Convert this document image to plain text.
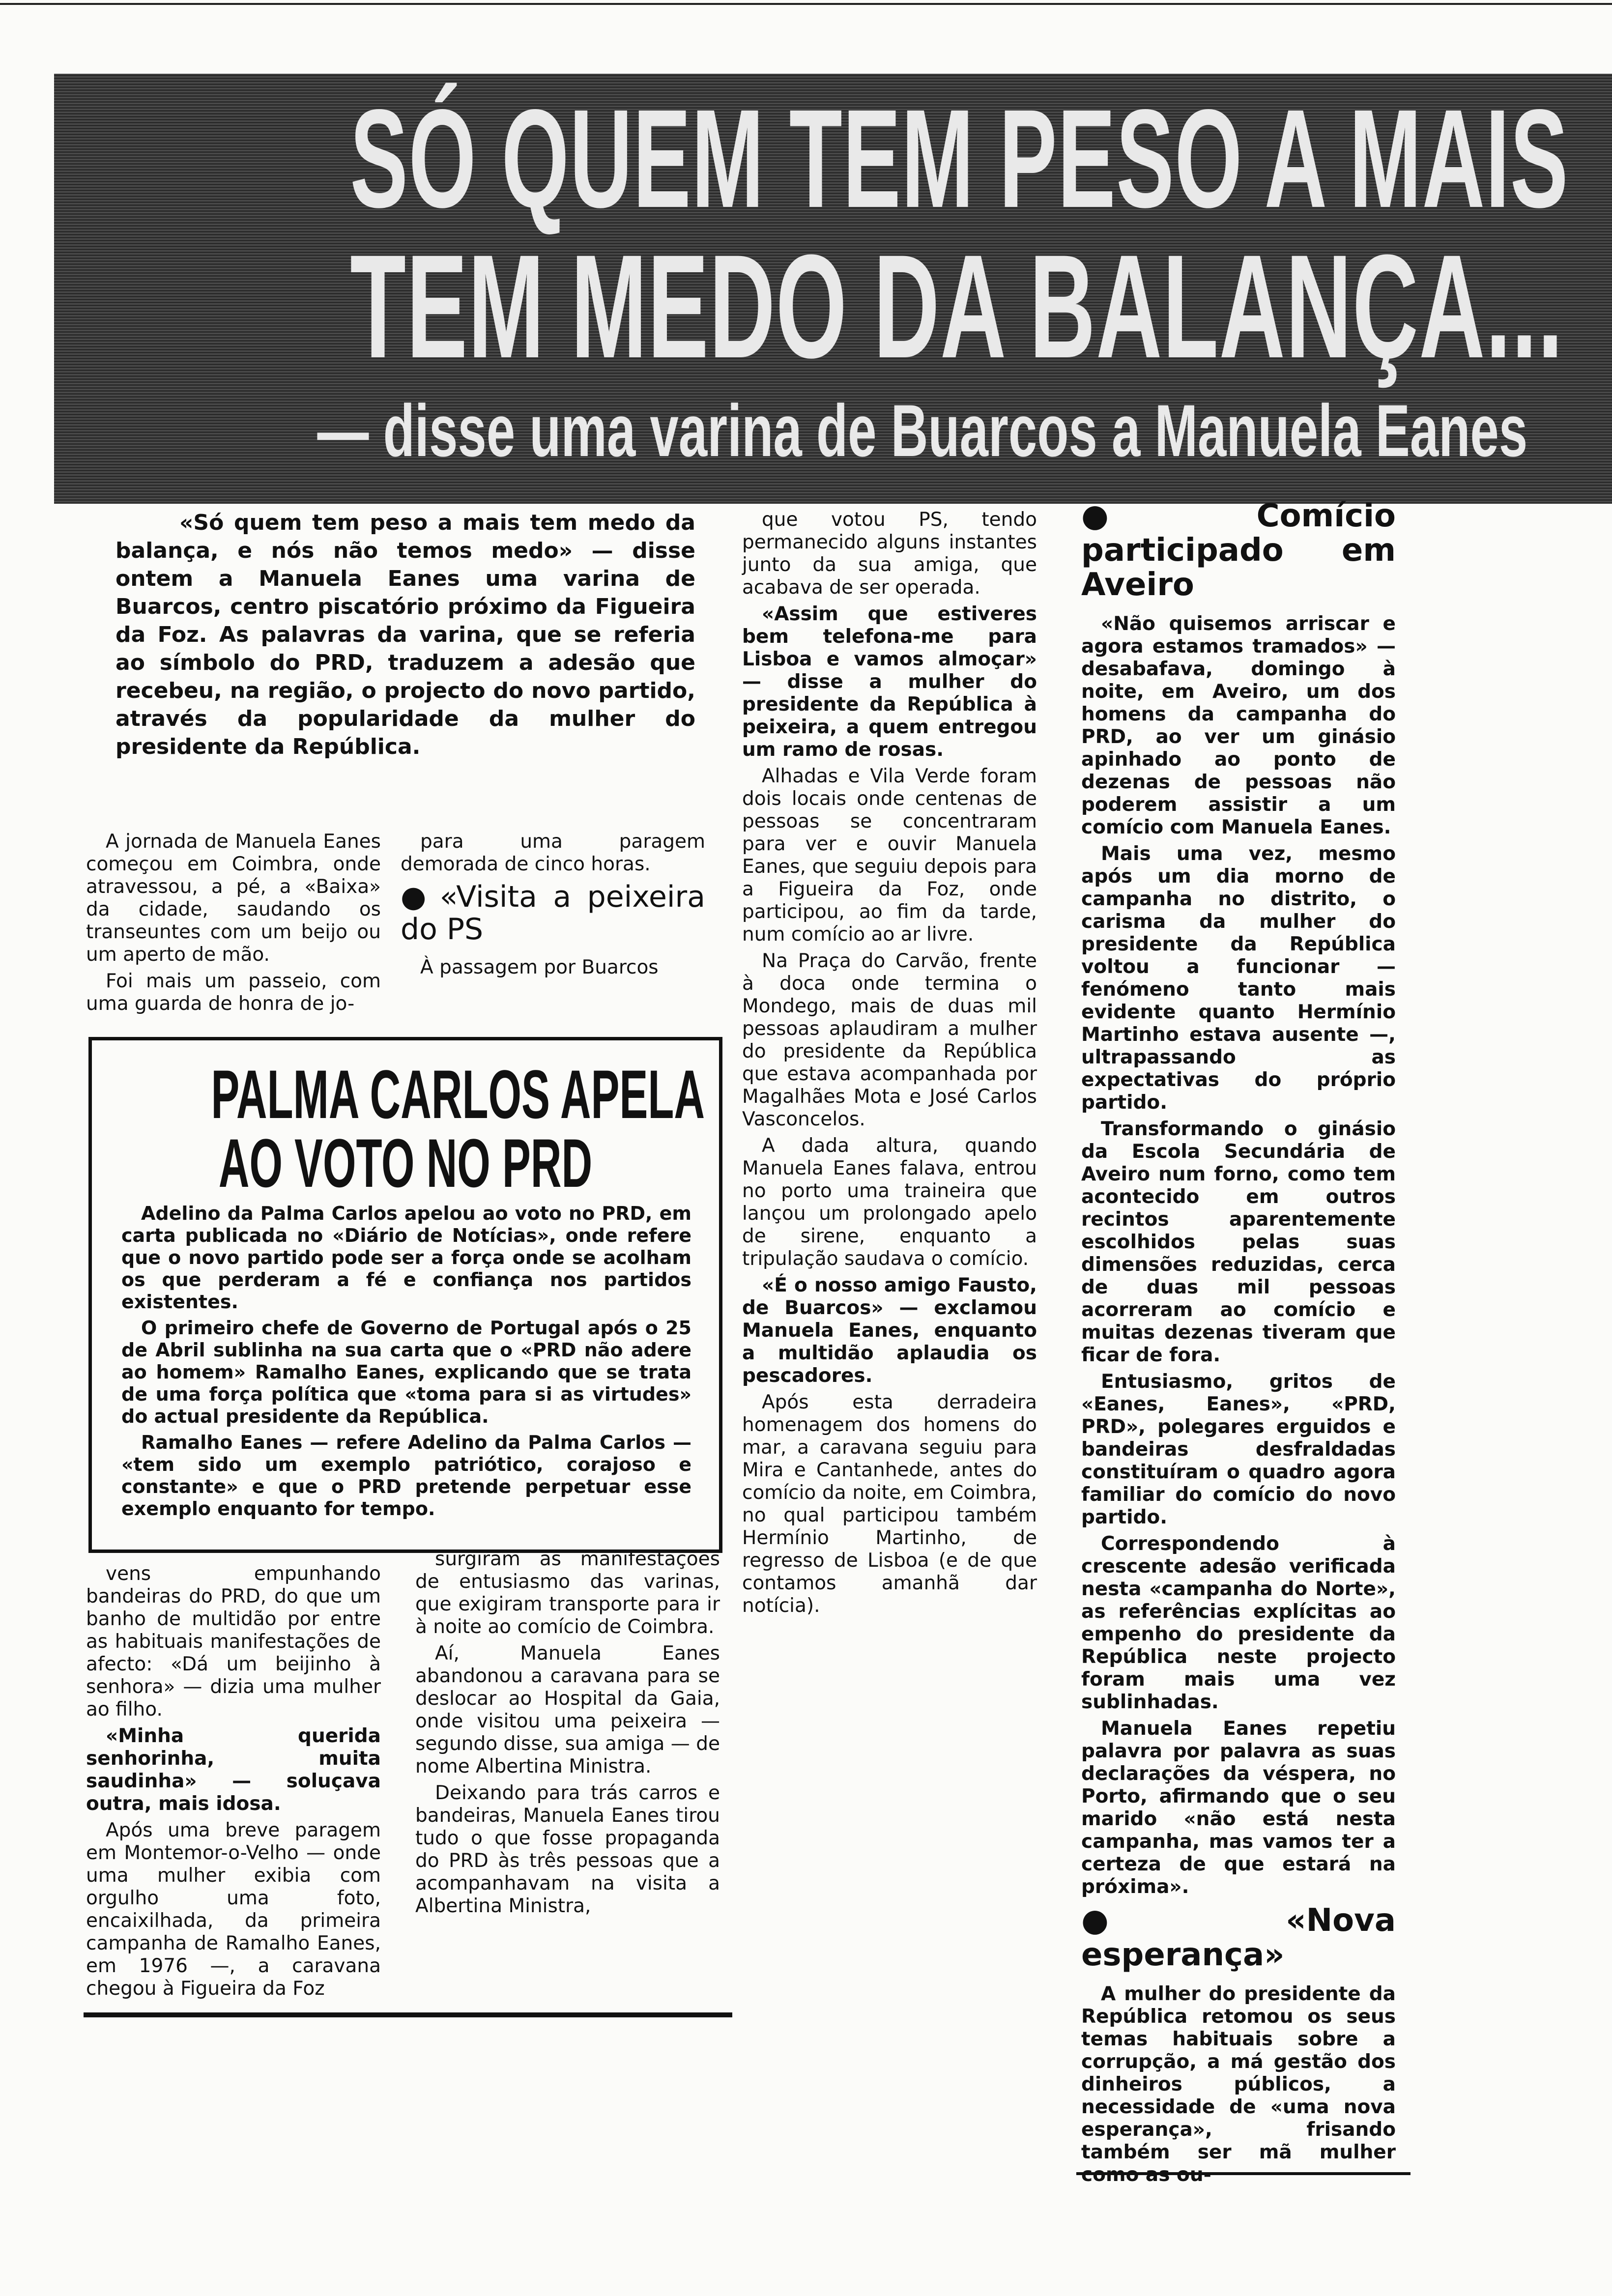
SÓ QUEM TEM PESO A MAIS
TEM MEDO DA BALANÇA...
— disse uma varina de Buarcos a Manuela Eanes

«Só quem tem peso a mais tem medo da balança, e nós não temos medo» — disse ontem a Manuela Eanes uma varina de Buarcos, centro piscatório próximo da Figueira da Foz. As palavras da varina, que se referia ao símbolo do PRD, traduzem a adesão que recebeu, na região, o projecto do novo partido, através da popularidade da mulher do presidente da República.

A jornada de Manuela Eanes começou em Coimbra, onde atravessou, a pé, a «Baixa» da cidade, saudando os transeuntes com um beijo ou um aperto de mão.

Foi mais um passeio, com uma guarda de honra de jo-

para uma paragem demorada de cinco horas.

● «Visita a peixeira do PS

À passagem por Buarcos

PALMA CARLOS APELA
AO VOTO NO PRD

Adelino da Palma Carlos apelou ao voto no PRD, em carta publicada no «Diário de Notícias», onde refere que o novo partido pode ser a força onde se acolham os que perderam a fé e confiança nos partidos existentes.

O primeiro chefe de Governo de Portugal após o 25 de Abril sublinha na sua carta que o «PRD não adere ao homem» Ramalho Eanes, explicando que se trata de uma força política que «toma para si as virtudes» do actual presidente da República.

Ramalho Eanes — refere Adelino da Palma Carlos — «tem sido um exemplo patriótico, corajoso e constante» e que o PRD pretende perpetuar esse exemplo enquanto for tempo.

vens empunhando bandeiras do PRD, do que um banho de multidão por entre as habituais manifestações de afecto: «Dá um beijinho à senhora» — dizia uma mulher ao filho.

«Minha querida senhorinha, muita saudinha» — soluçava outra, mais idosa.

Após uma breve paragem em Montemor-o-Velho — onde uma mulher exibia com orgulho uma foto, encaixilhada, da primeira campanha de Ramalho Eanes, em 1976 —, a caravana chegou à Figueira da Foz

surgiram as manifestações de entusiasmo das varinas, que exigiram transporte para ir à noite ao comício de Coimbra.

Aí, Manuela Eanes abandonou a caravana para se deslocar ao Hospital da Gaia, onde visitou uma peixeira — segundo disse, sua amiga — de nome Albertina Ministra.

Deixando para trás carros e bandeiras, Manuela Eanes tirou tudo o que fosse propaganda do PRD às três pessoas que a acompanhavam na visita a Albertina Ministra,

que votou PS, tendo permanecido alguns instantes junto da sua amiga, que acabava de ser operada.

«Assim que estiveres bem telefona-me para Lisboa e vamos almoçar» — disse a mulher do presidente da República à peixeira, a quem entregou um ramo de rosas.

Alhadas e Vila Verde foram dois locais onde centenas de pessoas se concentraram para ver e ouvir Manuela Eanes, que seguiu depois para a Figueira da Foz, onde participou, ao fim da tarde, num comício ao ar livre.

Na Praça do Carvão, frente à doca onde termina o Mondego, mais de duas mil pessoas aplaudiram a mulher do presidente da República que estava acompanhada por Magalhães Mota e José Carlos Vasconcelos.

A dada altura, quando Manuela Eanes falava, entrou no porto uma traineira que lançou um prolongado apelo de sirene, enquanto a tripulação saudava o comício.

«É o nosso amigo Fausto, de Buarcos» — exclamou Manuela Eanes, enquanto a multidão aplaudia os pescadores.

Após esta derradeira homenagem dos homens do mar, a caravana seguiu para Mira e Cantanhede, antes do comício da noite, em Coimbra, no qual participou também Hermínio Martinho, de regresso de Lisboa (e de que contamos amanhã dar notícia).

● Comício participado em Aveiro

«Não quisemos arriscar e agora estamos tramados» — desabafava, domingo à noite, em Aveiro, um dos homens da campanha do PRD, ao ver um ginásio apinhado ao ponto de dezenas de pessoas não poderem assistir a um comício com Manuela Eanes.

Mais uma vez, mesmo após um dia morno de campanha no distrito, o carisma da mulher do presidente da República voltou a funcionar — fenómeno tanto mais evidente quanto Hermínio Martinho estava ausente —, ultrapassando as expectativas do próprio partido.

Transformando o ginásio da Escola Secundária de Aveiro num forno, como tem acontecido em outros recintos aparentemente escolhidos pelas suas dimensões reduzidas, cerca de duas mil pessoas acorreram ao comício e muitas dezenas tiveram que ficar de fora.

Entusiasmo, gritos de «Eanes, Eanes», «PRD, PRD», polegares erguidos e bandeiras desfraldadas constituíram o quadro agora familiar do comício do novo partido.

Correspondendo à crescente adesão verificada nesta «campanha do Norte», as referências explícitas ao empenho do presidente da República neste projecto foram mais uma vez sublinhadas.

Manuela Eanes repetiu palavra por palavra as suas declarações da véspera, no Porto, afirmando que o seu marido «não está nesta campanha, mas vamos ter a certeza de que estará na próxima».

● «Nova esperança»

A mulher do presidente da República retomou os seus temas habituais sobre a corrupção, a má gestão dos dinheiros públicos, a necessidade de «uma nova esperança», frisando também ser mã mulher
